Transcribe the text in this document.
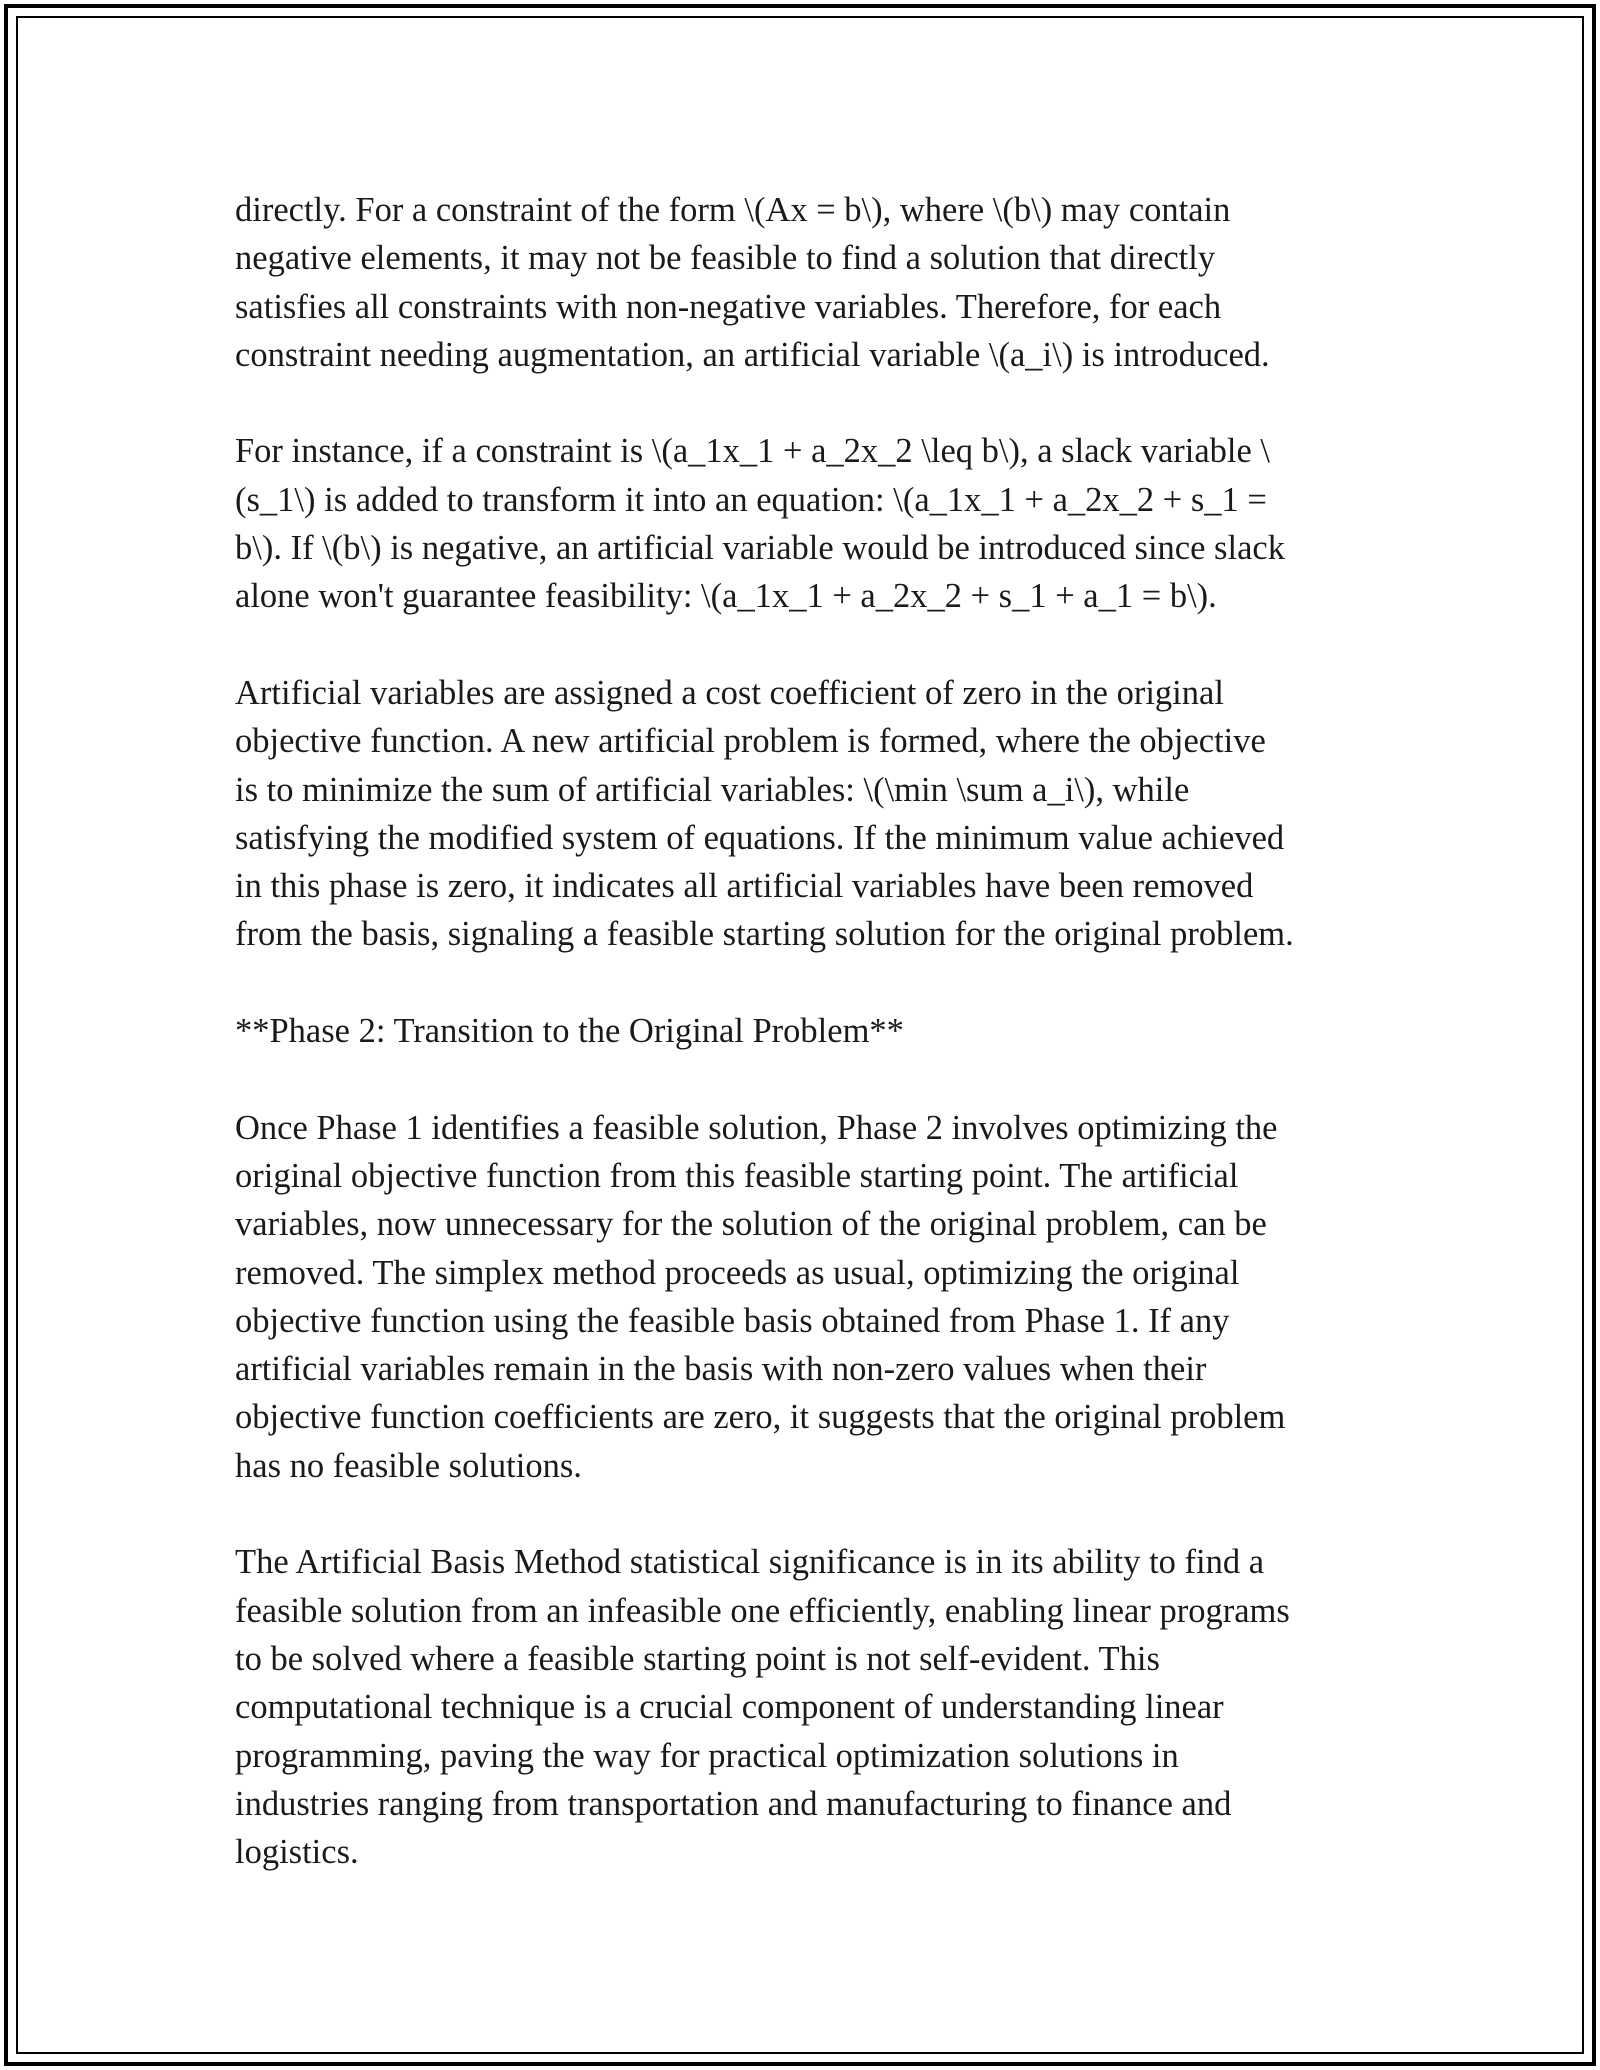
directly. For a constraint of the form \(Ax = b\), where \(b\) may contain
negative elements, it may not be feasible to find a solution that directly
satisfies all constraints with non-negative variables. Therefore, for each
constraint needing augmentation, an artificial variable \(a_i\) is introduced.

For instance, if a constraint is \(a_1x_1 + a_2x_2 \leq b\), a slack variable \
(s_1\) is added to transform it into an equation: \(a_1x_1 + a_2x_2 + s_1 =
b\). If \(b\) is negative, an artificial variable would be introduced since slack
alone won't guarantee feasibility: \(a_1x_1 + a_2x_2 + s_1 + a_1 = b\).

Artificial variables are assigned a cost coefficient of zero in the original
objective function. A new artificial problem is formed, where the objective
is to minimize the sum of artificial variables: \(\min \sum a_i\), while
satisfying the modified system of equations. If the minimum value achieved
in this phase is zero, it indicates all artificial variables have been removed
from the basis, signaling a feasible starting solution for the original problem.

**Phase 2: Transition to the Original Problem**

Once Phase 1 identifies a feasible solution, Phase 2 involves optimizing the
original objective function from this feasible starting point. The artificial
variables, now unnecessary for the solution of the original problem, can be
removed. The simplex method proceeds as usual, optimizing the original
objective function using the feasible basis obtained from Phase 1. If any
artificial variables remain in the basis with non-zero values when their
objective function coefficients are zero, it suggests that the original problem
has no feasible solutions.

The Artificial Basis Method statistical significance is in its ability to find a
feasible solution from an infeasible one efficiently, enabling linear programs
to be solved where a feasible starting point is not self-evident. This
computational technique is a crucial component of understanding linear
programming, paving the way for practical optimization solutions in
industries ranging from transportation and manufacturing to finance and
logistics.
